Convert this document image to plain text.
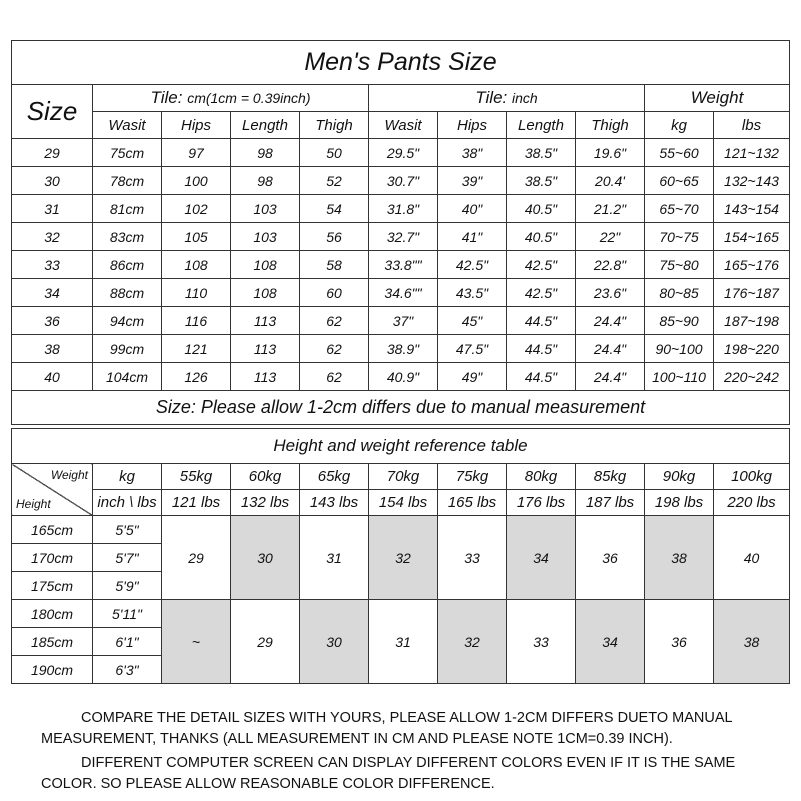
Men's Pants Size										
Size	Tile: cm(1cm = 0.39inch)				Tile: inch				Weight	
	Wasit	Hips	Length	Thigh	Wasit	Hips	Length	Thigh	kg	lbs
29	75cm	97	98	50	29.5"	38"	38.5"	19.6"	55~60	121~132
30	78cm	100	98	52	30.7"	39"	38.5"	20.4'	60~65	132~143
31	81cm	102	103	54	31.8"	40"	40.5"	21.2"	65~70	143~154
32	83cm	105	103	56	32.7"	41"	40.5"	22"	70~75	154~165
33	86cm	108	108	58	33.8""	42.5"	42.5"	22.8"	75~80	165~176
34	88cm	110	108	60	34.6""	43.5"	42.5"	23.6"	80~85	176~187
36	94cm	116	113	62	37"	45"	44.5"	24.4"	85~90	187~198
38	99cm	121	113	62	38.9"	47.5"	44.5"	24.4"	90~100	198~220
40	104cm	126	113	62	40.9"	49"	44.5"	24.4"	100~110	220~242
Size: Please allow 1-2cm differs due to manual measurement										
Height and weight reference table										

Weight
Height	kg	55kg	60kg	65kg	70kg	75kg	80kg	85kg	90kg	100kg
	inch \ lbs	121 lbs	132 lbs	143 lbs	154 lbs	165 lbs	176 lbs	187 lbs	198 lbs	220 lbs
165cm	5'5"	29	30	31	32	33	34	36	38	40
170cm	5'7"									
175cm	5'9"									
180cm	5'11"	~	29	30	31	32	33	34	36	38
185cm	6'1"									
190cm	6'3"									

COMPARE THE DETAIL SIZES WITH YOURS, PLEASE ALLOW 1-2CM DIFFERS DUETO MANUAL MEASUREMENT, THANKS (ALL MEASUREMENT IN CM AND PLEASE NOTE 1CM=0.39 INCH).

DIFFERENT COMPUTER SCREEN CAN DISPLAY DIFFERENT COLORS EVEN IF IT IS THE SAME COLOR. SO PLEASE ALLOW REASONABLE COLOR DIFFERENCE.
